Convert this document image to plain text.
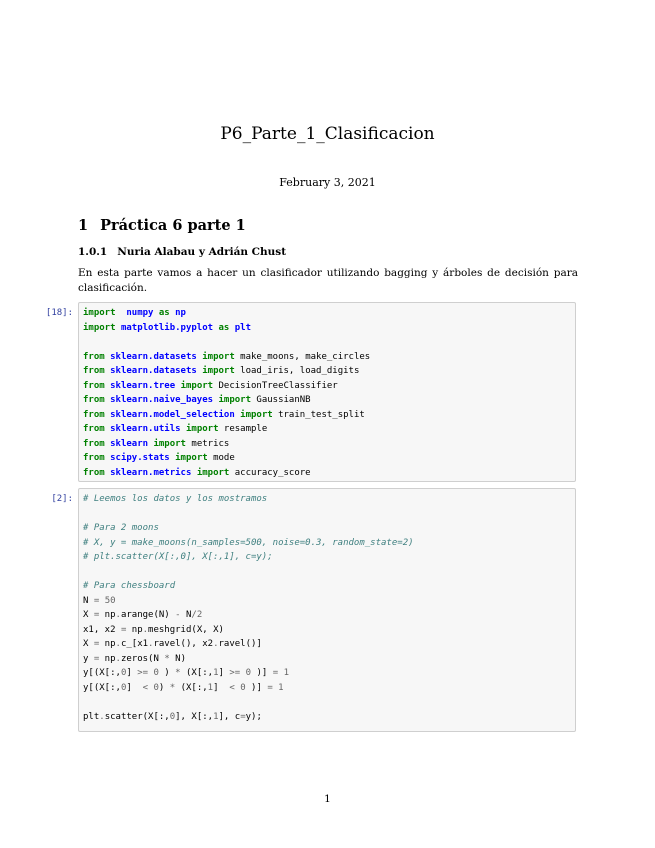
P6_Parte_1_Clasificacion
February 3, 2021
1 Práctica 6 parte 1
1.0.1 Nuria Alabau y Adrián Chust
En esta parte vamos a hacer un clasificador utilizando bagging y árboles de decisión para clasificación.
[18]: import numpy as np
import matplotlib.pyplot as plt

from sklearn.datasets import make_moons, make_circles
from sklearn.datasets import load_iris, load_digits
from sklearn.tree import DecisionTreeClassifier
from sklearn.naive_bayes import GaussianNB
from sklearn.model_selection import train_test_split
from sklearn.utils import resample
from sklearn import metrics
from scipy.stats import mode
from sklearn.metrics import accuracy_score
[2]: # Leemos los datos y los mostramos

# Para 2 moons
# X, y = make_moons(n_samples=500, noise=0.3, random_state=2)
# plt.scatter(X[:,0], X[:,1], c=y);

# Para chessboard
N = 50
X = np.arange(N) - N/2
x1, x2 = np.meshgrid(X, X)
X = np.c_[x1.ravel(), x2.ravel()]
y = np.zeros(N * N)
y[(X[:,0] >= 0 ) * (X[:,1] >= 0 )] = 1
y[(X[:,0]  < 0) * (X[:,1]  < 0 )] = 1

plt.scatter(X[:,0], X[:,1], c=y);
1
